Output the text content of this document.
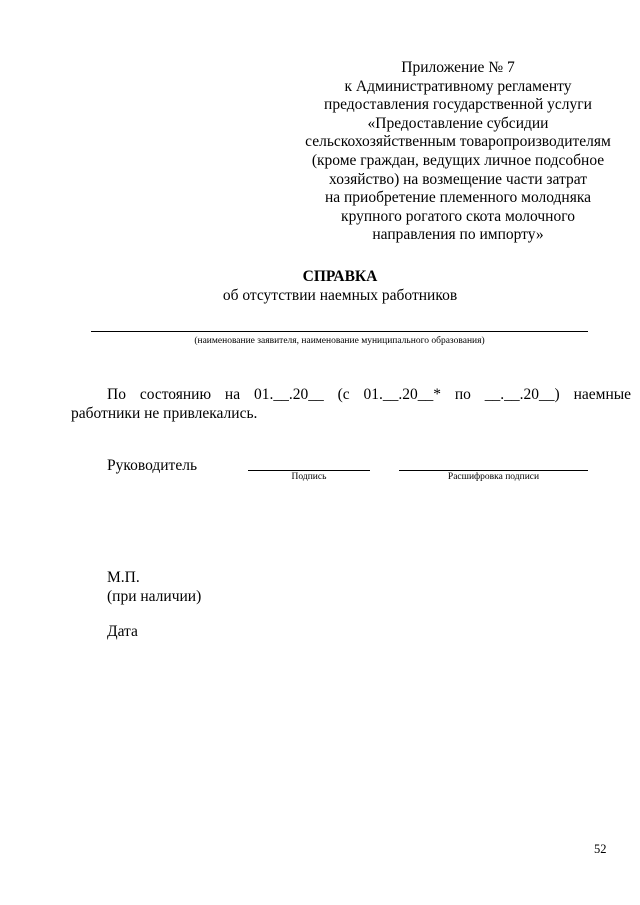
Приложение № 7
к Административному регламенту
предоставления государственной услуги
«Предоставление субсидии
сельскохозяйственным товаропроизводителям
(кроме граждан, ведущих личное подсобное
хозяйство) на возмещение части затрат
на приобретение племенного молодняка
крупного рогатого скота молочного
направления по импорту»
СПРАВКА
об отсутствии наемных работников
(наименование заявителя, наименование муниципального образования)
По состоянию на 01.__.20__ (с 01.__.20__* по __.__.20__) наемные
работники не привлекались.
Руководитель
Подпись	Расшифровка подписи
М.П.
(при наличии)
Дата
52
